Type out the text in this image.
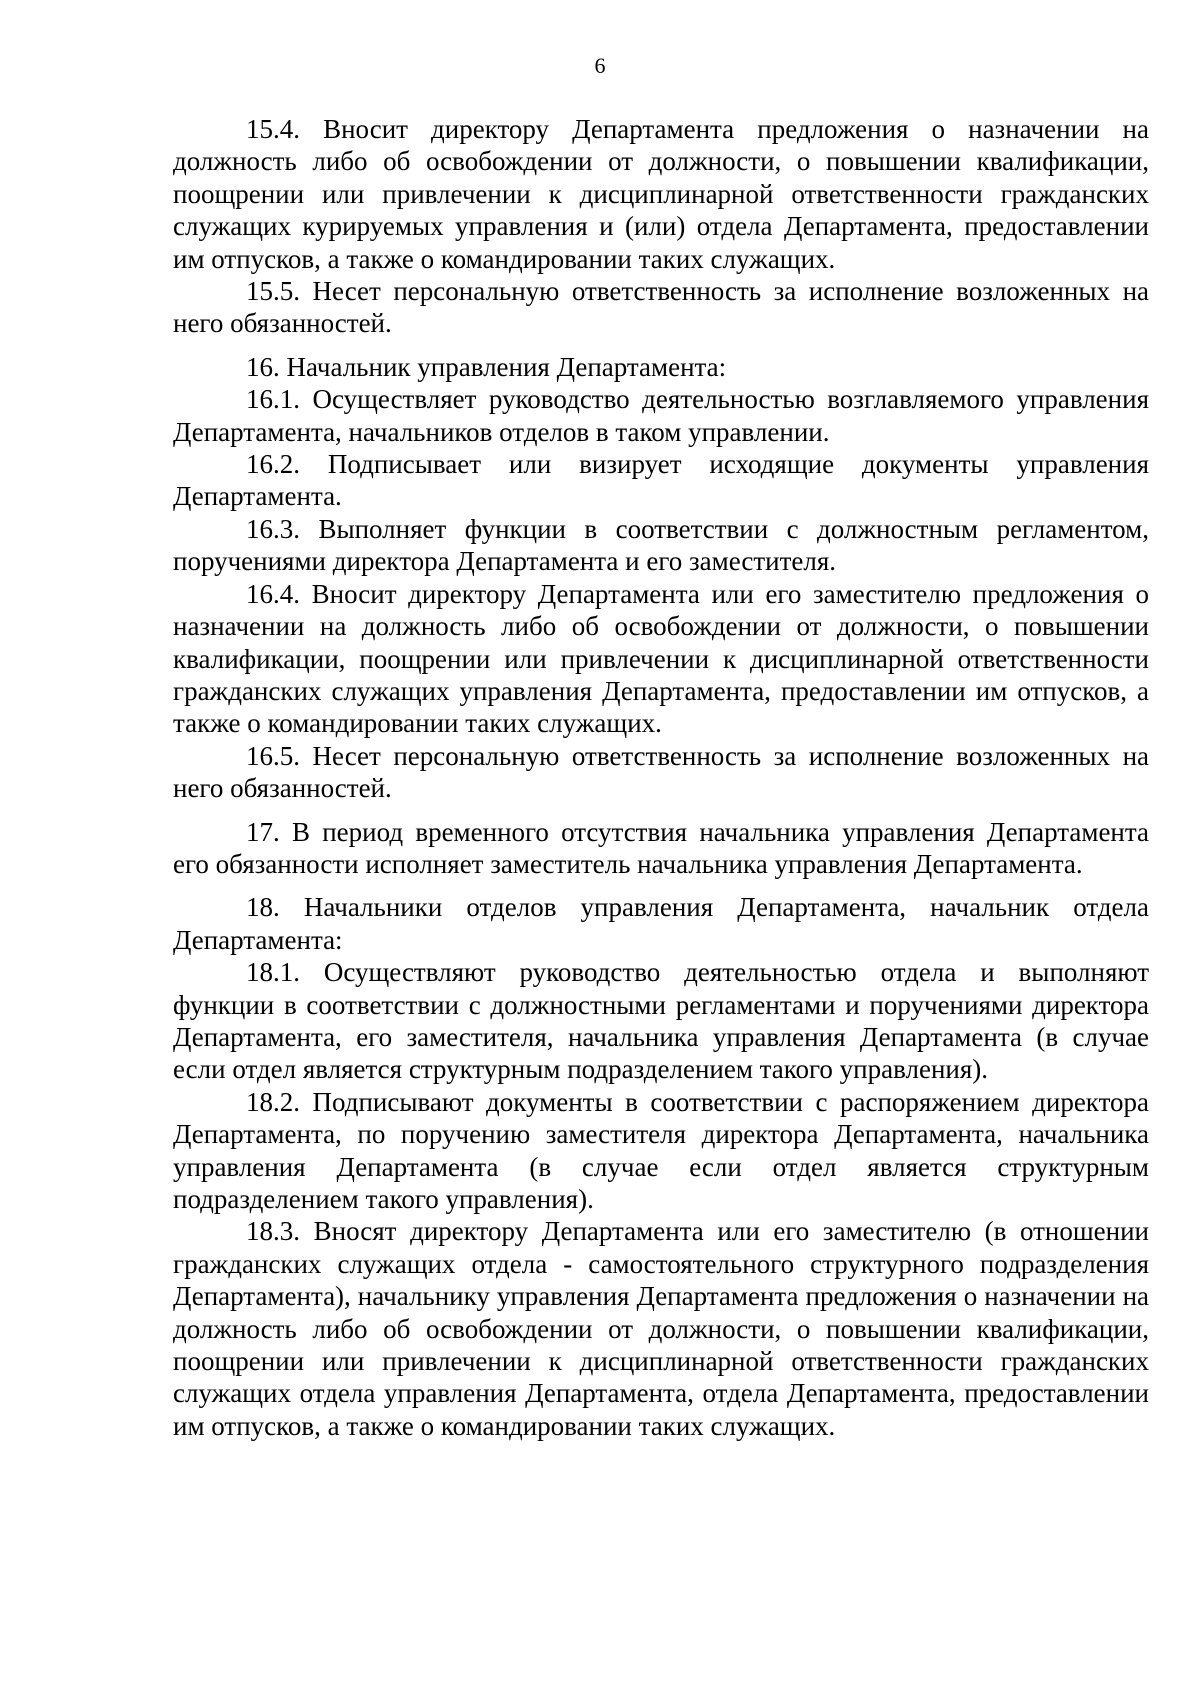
6

15.4. Вносит директору Департамента предложения о назначении на должность либо об освобождении от должности, о повышении квалификации, поощрении или привлечении к дисциплинарной ответственности гражданских служащих курируемых управления и (или) отдела Департамента, предоставлении им отпусков, а также о командировании таких служащих.

15.5. Несет персональную ответственность за исполнение возложенных на него обязанностей.

16. Начальник управления Департамента:

16.1. Осуществляет руководство деятельностью возглавляемого управления Департамента, начальников отделов в таком управлении.

16.2. Подписывает или визирует исходящие документы управления Департамента.

16.3. Выполняет функции в соответствии с должностным регламентом, поручениями директора Департамента и его заместителя.

16.4. Вносит директору Департамента или его заместителю предложения о назначении на должность либо об освобождении от должности, о повышении квалификации, поощрении или привлечении к дисциплинарной ответственности гражданских служащих управления Департамента, предоставлении им отпусков, а также о командировании таких служащих.

16.5. Несет персональную ответственность за исполнение возложенных на него обязанностей.

17. В период временного отсутствия начальника управления Департамента его обязанности исполняет заместитель начальника управления Департамента.

18. Начальники отделов управления Департамента, начальник отдела Департамента:

18.1. Осуществляют руководство деятельностью отдела и выполняют функции в соответствии с должностными регламентами и поручениями директора Департамента, его заместителя, начальника управления Департамента (в случае если отдел является структурным подразделением такого управления).

18.2. Подписывают документы в соответствии с распоряжением директора Департамента, по поручению заместителя директора Департамента, начальника управления Департамента (в случае если отдел является структурным подразделением такого управления).

18.3. Вносят директору Департамента или его заместителю (в отношении гражданских служащих отдела - самостоятельного структурного подразделения Департамента), начальнику управления Департамента предложения о назначении на должность либо об освобождении от должности, о повышении квалификации, поощрении или привлечении к дисциплинарной ответственности гражданских служащих отдела управления Департамента, отдела Департамента, предоставлении им отпусков, а также о командировании таких служащих.
